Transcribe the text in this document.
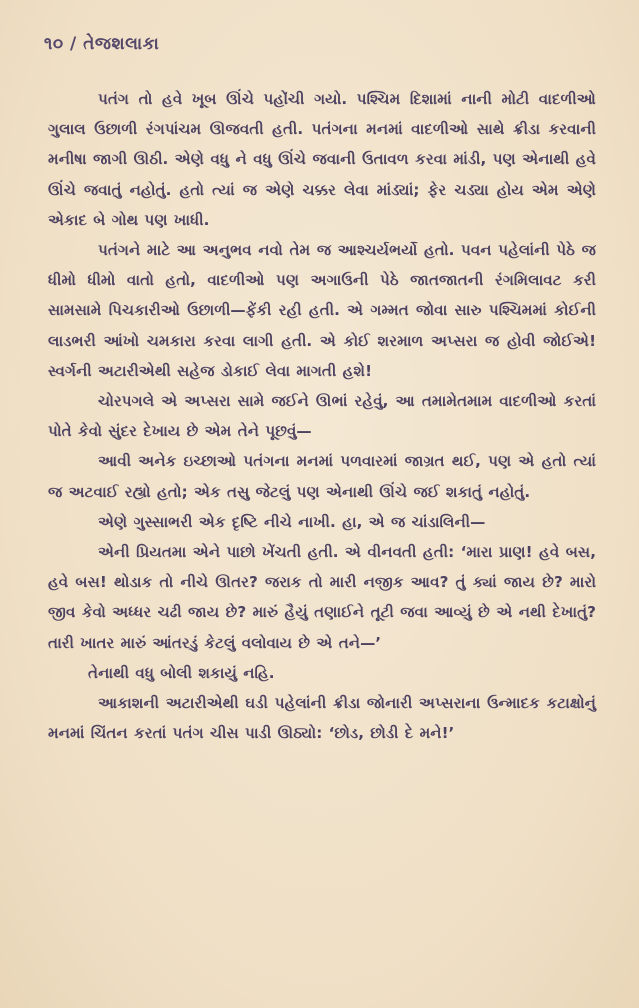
૧૦ / તેજશલાકા

પતંગ તો હવે ખૂબ ઊંચે પહોંચી ગયો. પશ્ચિમ દિશામાં નાની મોટી વાદળીઓ ગુલાલ ઉછાળી રંગપાંચમ ઊજવતી હતી. પતંગના મનમાં વાદળીઓ સાથે ક્રીડા કરવાની મનીષા જાગી ઊઠી. એણે વધુ ને વધુ ઊંચે જવાની ઉતાવળ કરવા માંડી, પણ એનાથી હવે ઊંચે જવાતું નહોતું. હતો ત્યાં જ એણે ચક્કર લેવા માંડ્યાં; ફેર ચડ્યા હોય એમ એણે એકાદ બે ગોથ પણ ખાધી.

પતંગને માટે આ અનુભવ નવો તેમ જ આશ્ચર્યભર્યો હતો. પવન પહેલાંની પેઠે જ ધીમો ધીમો વાતો હતો, વાદળીઓ પણ અગાઉની પેઠે જાતજાતની રંગમિલાવટ કરી સામસામે પિચકારીઓ ઉછાળી—ફેંકી રહી હતી. એ ગમ્મત જોવા સારુ પશ્ચિમમાં કોઈની લાડભરી આંખો ચમકારા કરવા લાગી હતી. એ કોઈ શરમાળ અપ્સરા જ હોવી જોઈએ! સ્વર્ગની અટારીએથી સહેજ ડોકાઈ લેવા માગતી હશે!

ચોરપગલે એ અપ્સરા સામે જઈને ઊભાં રહેવું, આ તમામેતમામ વાદળીઓ કરતાં પોતે કેવો સુંદર દેખાય છે એમ તેને પૂછવું—

આવી અનેક ઇચ્છાઓ પતંગના મનમાં પળવારમાં જાગ્રત થઈ, પણ એ હતો ત્યાં જ અટવાઈ રહ્યો હતો; એક તસુ જેટલું પણ એનાથી ઊંચે જઈ શકાતું નહોતું.

એણે ગુસ્સાભરી એક દૃષ્ટિ નીચે નાખી. હા, એ જ ચાંડાલિની—

એની પ્રિયતમા એને પાછો ખેંચતી હતી. એ વીનવતી હતી: ‘મારા પ્રાણ! હવે બસ, હવે બસ! થોડાક તો નીચે ઊતર? જરાક તો મારી નજીક આવ? તું ક્યાં જાય છે? મારો જીવ કેવો અધ્ધર ચઢી જાય છે? મારું હૈયું તણાઈને તૂટી જવા આવ્યું છે એ નથી દેખાતું? તારી ખાતર મારું આંતરડું કેટલું વલોવાય છે એ તને—’

તેનાથી વધુ બોલી શકાયું નહિ.

આકાશની અટારીએથી ઘડી પહેલાંની ક્રીડા જોનારી અપ્સરાના ઉન્માદક કટાક્ષોનું મનમાં ચિંતન કરતાં પતંગ ચીસ પાડી ઊઠ્યો: ‘છોડ, છોડી દે મને!’
